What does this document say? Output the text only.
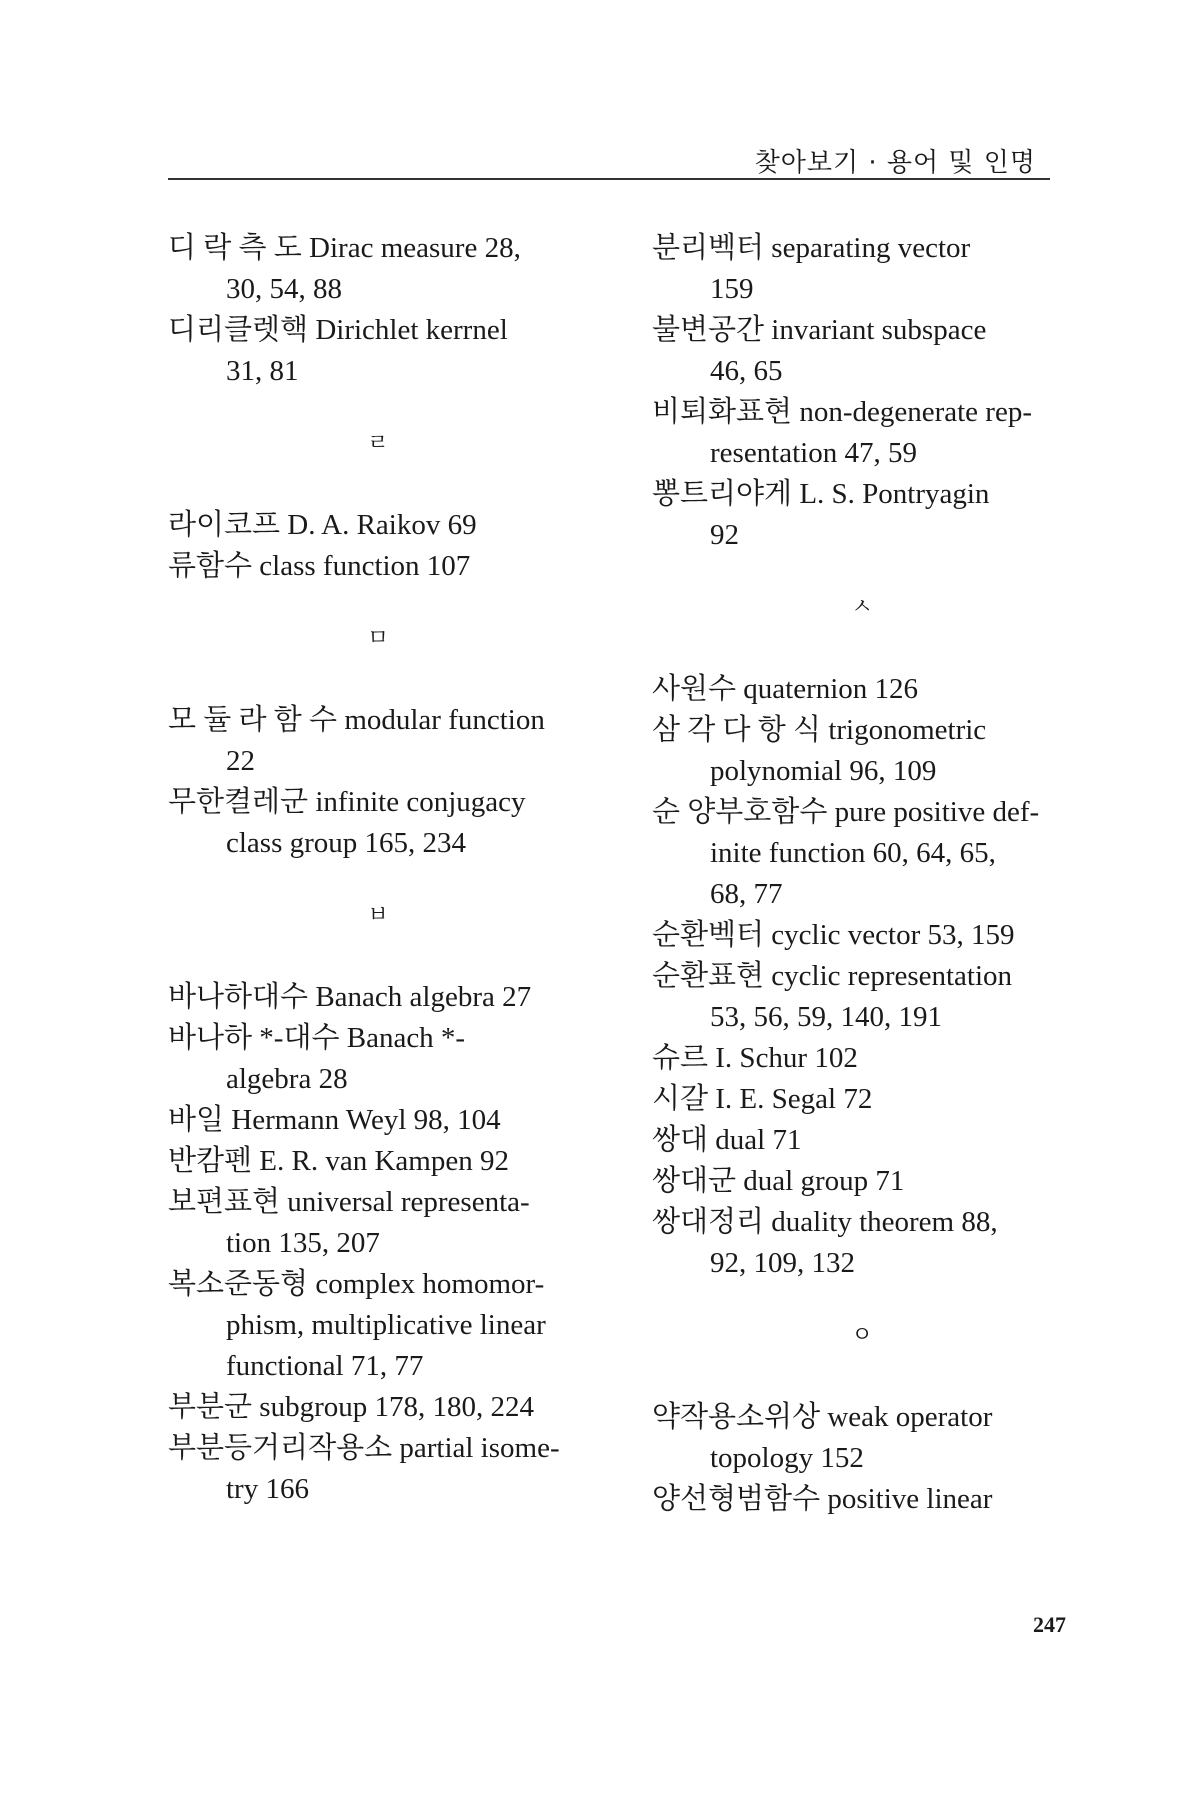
찾아보기 · 용어 및 인명
디 락 측 도 Dirac measure 28,
30, 54, 88
디리클렛핵 Dirichlet kerrnel
31, 81
ㄹ
라이코프 D. A. Raikov 69
류함수 class function 107
ㅁ
모 듈 라 함 수 modular function
22
무한켤레군 infinite conjugacy
class group 165, 234
ㅂ
바나하대수 Banach algebra 27
바나하 *-대수 Banach *-
algebra 28
바일 Hermann Weyl 98, 104
반캄펜 E. R. van Kampen 92
보편표현 universal representa-
tion 135, 207
복소준동형 complex homomor-
phism, multiplicative linear
functional 71, 77
부분군 subgroup 178, 180, 224
부분등거리작용소 partial isome-
try 166
분리벡터 separating vector
159
불변공간 invariant subspace
46, 65
비퇴화표현 non-degenerate rep-
resentation 47, 59
뽕트리야게 L. S. Pontryagin
92
ㅅ
사원수 quaternion 126
삼 각 다 항 식 trigonometric
polynomial 96, 109
순 양부호함수 pure positive def-
inite function 60, 64, 65,
68, 77
순환벡터 cyclic vector 53, 159
순환표현 cyclic representation
53, 56, 59, 140, 191
슈르 I. Schur 102
시갈 I. E. Segal 72
쌍대 dual 71
쌍대군 dual group 71
쌍대정리 duality theorem 88,
92, 109, 132
ㅇ
약작용소위상 weak operator
topology 152
양선형범함수 positive linear
247
